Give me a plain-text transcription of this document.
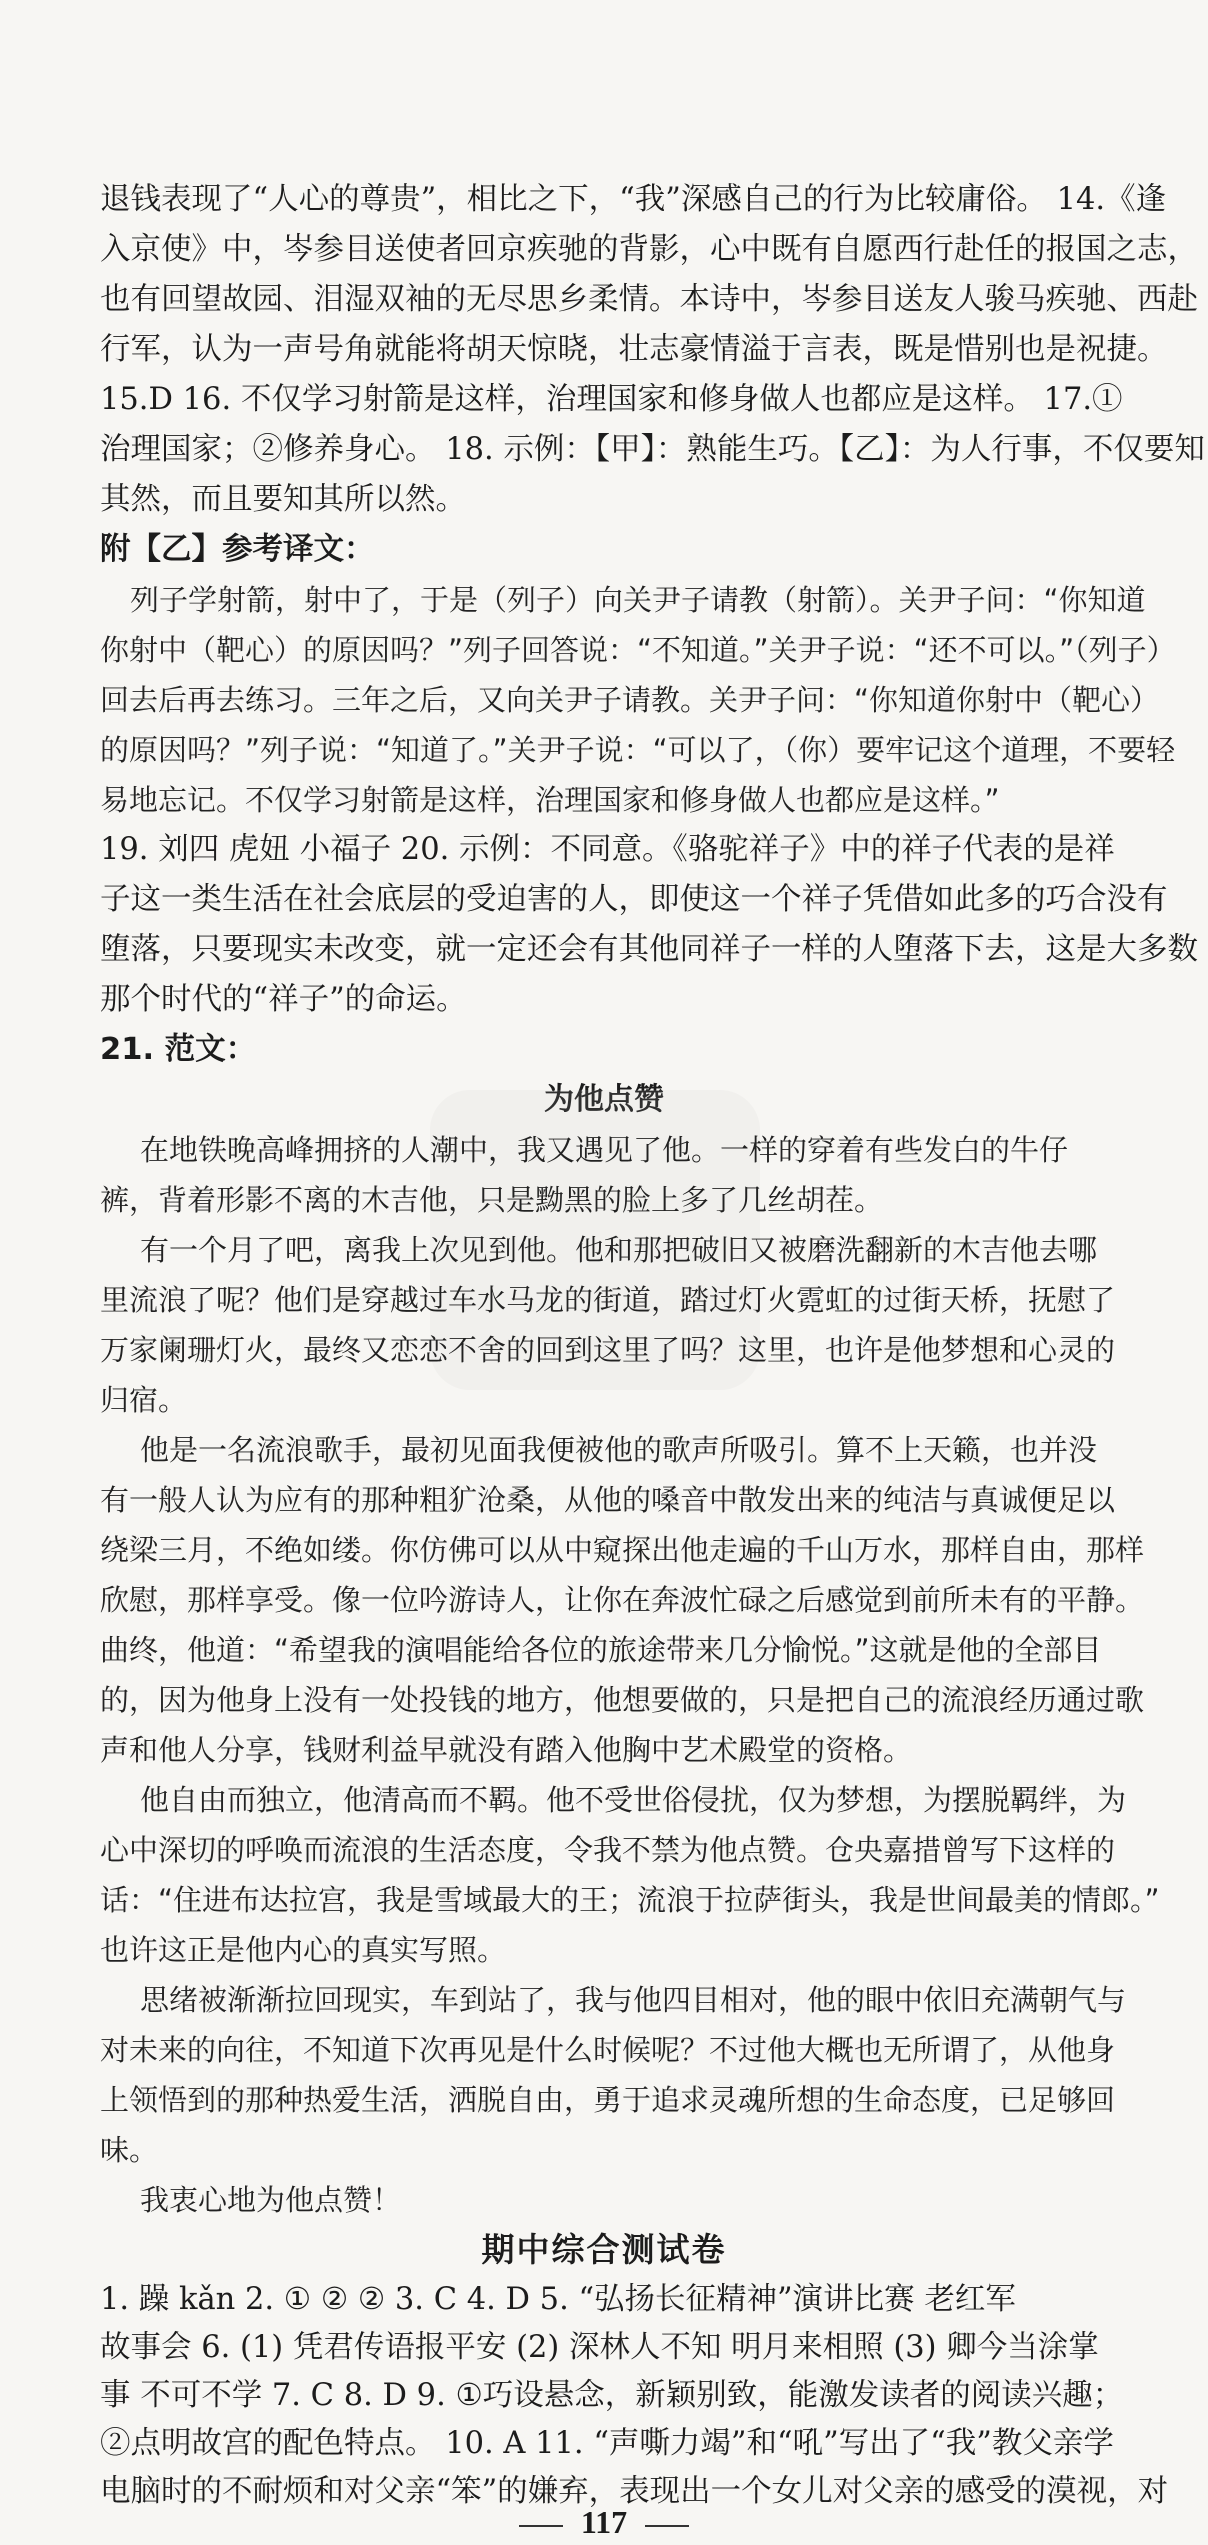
退钱表现了“人心的尊贵”，相比之下，“我”深感自己的行为比较庸俗。 14.《逢
入京使》中，岑参目送使者回京疾驰的背影，心中既有自愿西行赴任的报国之志，
也有回望故园、泪湿双袖的无尽思乡柔情。本诗中，岑参目送友人骏马疾驰、西赴
行军，认为一声号角就能将胡天惊晓，壮志豪情溢于言表，既是惜别也是祝捷。
15.D 16. 不仅学习射箭是这样，治理国家和修身做人也都应是这样。 17.①
治理国家；②修养身心。 18. 示例：【甲】：熟能生巧。【乙】：为人行事，不仅要知
其然，而且要知其所以然。
附【乙】参考译文：
列子学射箭，射中了，于是（列子）向关尹子请教（射箭）。关尹子问：“你知道
你射中（靶心）的原因吗？”列子回答说：“不知道。”关尹子说：“还不可以。”（列子）
回去后再去练习。三年之后，又向关尹子请教。关尹子问：“你知道你射中（靶心）
的原因吗？”列子说：“知道了。”关尹子说：“可以了，（你）要牢记这个道理，不要轻
易地忘记。不仅学习射箭是这样，治理国家和修身做人也都应是这样。”
19. 刘四 虎妞 小福子 20. 示例：不同意。《骆驼祥子》中的祥子代表的是祥
子这一类生活在社会底层的受迫害的人，即使这一个祥子凭借如此多的巧合没有
堕落，只要现实未改变，就一定还会有其他同祥子一样的人堕落下去，这是大多数
那个时代的“祥子”的命运。
21. 范文：
为他点赞
在地铁晚高峰拥挤的人潮中，我又遇见了他。一样的穿着有些发白的牛仔
裤，背着形影不离的木吉他，只是黝黑的脸上多了几丝胡茬。
有一个月了吧，离我上次见到他。他和那把破旧又被磨洗翻新的木吉他去哪
里流浪了呢？他们是穿越过车水马龙的街道，踏过灯火霓虹的过街天桥，抚慰了
万家阑珊灯火，最终又恋恋不舍的回到这里了吗？这里，也许是他梦想和心灵的
归宿。
他是一名流浪歌手，最初见面我便被他的歌声所吸引。算不上天籁，也并没
有一般人认为应有的那种粗犷沧桑，从他的嗓音中散发出来的纯洁与真诚便足以
绕梁三月，不绝如缕。你仿佛可以从中窥探出他走遍的千山万水，那样自由，那样
欣慰，那样享受。像一位吟游诗人，让你在奔波忙碌之后感觉到前所未有的平静。
曲终，他道：“希望我的演唱能给各位的旅途带来几分愉悦。”这就是他的全部目
的，因为他身上没有一处投钱的地方，他想要做的，只是把自己的流浪经历通过歌
声和他人分享，钱财利益早就没有踏入他胸中艺术殿堂的资格。
他自由而独立，他清高而不羁。他不受世俗侵扰，仅为梦想，为摆脱羁绊，为
心中深切的呼唤而流浪的生活态度，令我不禁为他点赞。仓央嘉措曾写下这样的
话：“住进布达拉宫，我是雪域最大的王；流浪于拉萨街头，我是世间最美的情郎。”
也许这正是他内心的真实写照。
思绪被渐渐拉回现实，车到站了，我与他四目相对，他的眼中依旧充满朝气与
对未来的向往，不知道下次再见是什么时候呢？不过他大概也无所谓了，从他身
上领悟到的那种热爱生活，洒脱自由，勇于追求灵魂所想的生命态度，已足够回
味。
我衷心地为他点赞！
期中综合测试卷
1. 躁 kǎn 2. ① ② ② 3. C 4. D 5. “弘扬长征精神”演讲比赛 老红军
故事会 6. (1) 凭君传语报平安 (2) 深林人不知 明月来相照 (3) 卿今当涂掌
事 不可不学 7. C 8. D 9. ①巧设悬念，新颖别致，能激发读者的阅读兴趣；
②点明故宫的配色特点。 10. A 11. “声嘶力竭”和“吼”写出了“我”教父亲学
电脑时的不耐烦和对父亲“笨”的嫌弃，表现出一个女儿对父亲的感受的漠视，对
117
